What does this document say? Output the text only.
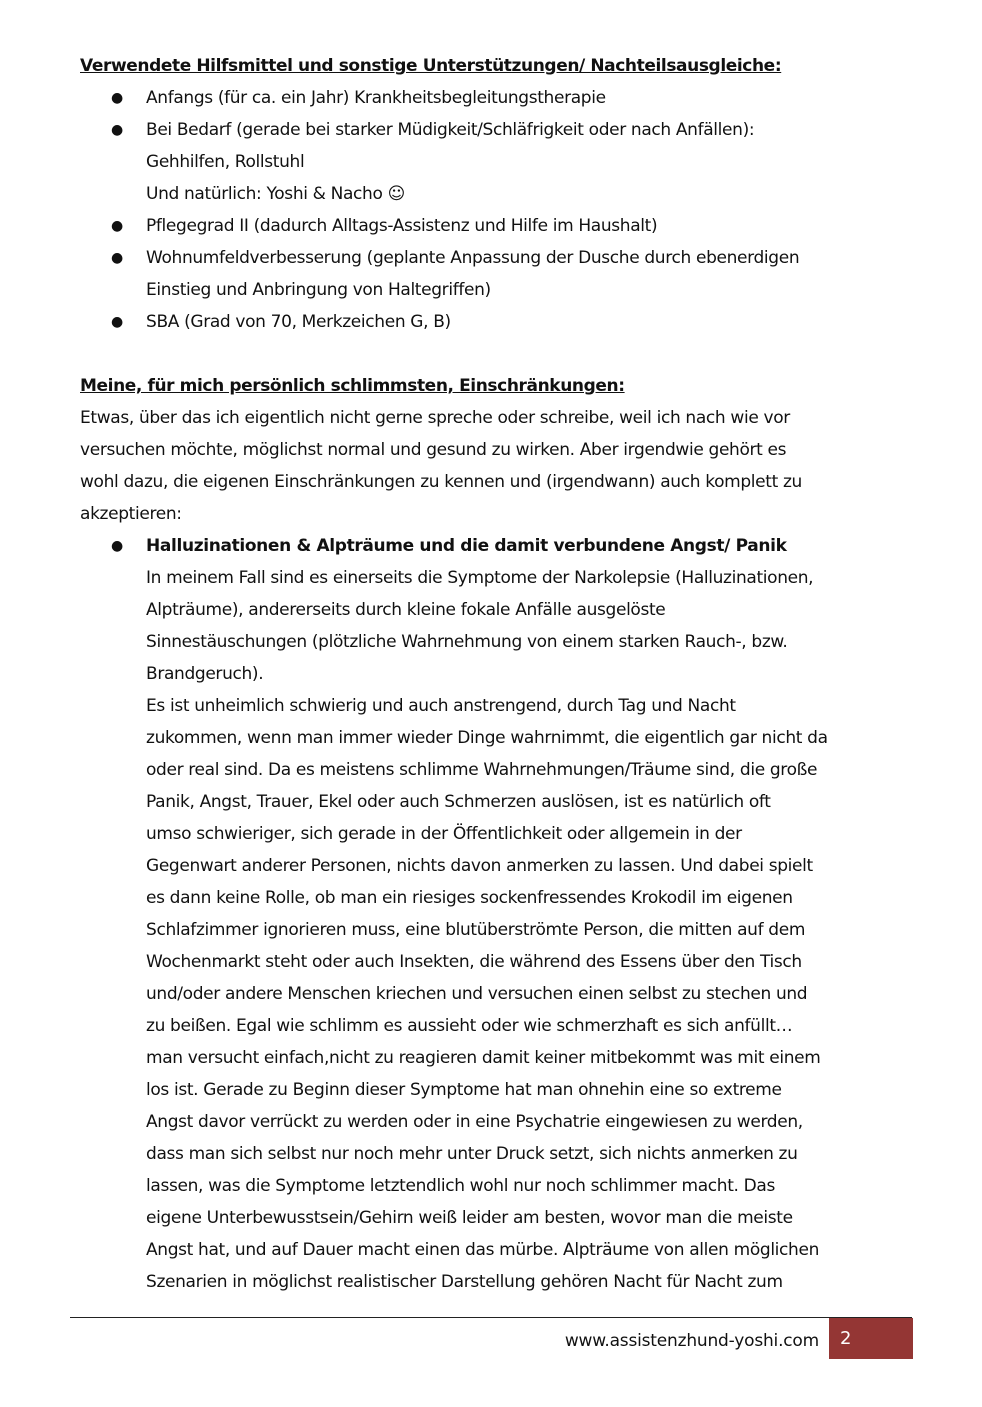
Verwendete Hilfsmittel und sonstige Unterstützungen/ Nachteilsausgleiche:
● Anfangs (für ca. ein Jahr) Krankheitsbegleitungstherapie
● Bei Bedarf (gerade bei starker Müdigkeit/Schläfrigkeit oder nach Anfällen):
Gehhilfen, Rollstuhl
Und natürlich: Yoshi & Nacho ☺
● Pflegegrad II (dadurch Alltags-Assistenz und Hilfe im Haushalt)
● Wohnumfeldverbesserung (geplante Anpassung der Dusche durch ebenerdigen
Einstieg und Anbringung von Haltegriffen)
● SBA (Grad von 70, Merkzeichen G, B)
Meine, für mich persönlich schlimmsten, Einschränkungen:
Etwas, über das ich eigentlich nicht gerne spreche oder schreibe, weil ich nach wie vor
versuchen möchte, möglichst normal und gesund zu wirken. Aber irgendwie gehört es
wohl dazu, die eigenen Einschränkungen zu kennen und (irgendwann) auch komplett zu
akzeptieren:
● Halluzinationen & Alpträume und die damit verbundene Angst/ Panik
In meinem Fall sind es einerseits die Symptome der Narkolepsie (Halluzinationen,
Alpträume), andererseits durch kleine fokale Anfälle ausgelöste
Sinnestäuschungen (plötzliche Wahrnehmung von einem starken Rauch-, bzw.
Brandgeruch).
Es ist unheimlich schwierig und auch anstrengend, durch Tag und Nacht
zukommen, wenn man immer wieder Dinge wahrnimmt, die eigentlich gar nicht da
oder real sind. Da es meistens schlimme Wahrnehmungen/Träume sind, die große
Panik, Angst, Trauer, Ekel oder auch Schmerzen auslösen, ist es natürlich oft
umso schwieriger, sich gerade in der Öffentlichkeit oder allgemein in der
Gegenwart anderer Personen, nichts davon anmerken zu lassen. Und dabei spielt
es dann keine Rolle, ob man ein riesiges sockenfressendes Krokodil im eigenen
Schlafzimmer ignorieren muss, eine blutüberströmte Person, die mitten auf dem
Wochenmarkt steht oder auch Insekten, die während des Essens über den Tisch
und/oder andere Menschen kriechen und versuchen einen selbst zu stechen und
zu beißen. Egal wie schlimm es aussieht oder wie schmerzhaft es sich anfüllt…
man versucht einfach,nicht zu reagieren damit keiner mitbekommt was mit einem
los ist. Gerade zu Beginn dieser Symptome hat man ohnehin eine so extreme
Angst davor verrückt zu werden oder in eine Psychatrie eingewiesen zu werden,
dass man sich selbst nur noch mehr unter Druck setzt, sich nichts anmerken zu
lassen, was die Symptome letztendlich wohl nur noch schlimmer macht. Das
eigene Unterbewusstsein/Gehirn weiß leider am besten, wovor man die meiste
Angst hat, und auf Dauer macht einen das mürbe. Alpträume von allen möglichen
Szenarien in möglichst realistischer Darstellung gehören Nacht für Nacht zum
www.assistenzhund-yoshi.com	2
